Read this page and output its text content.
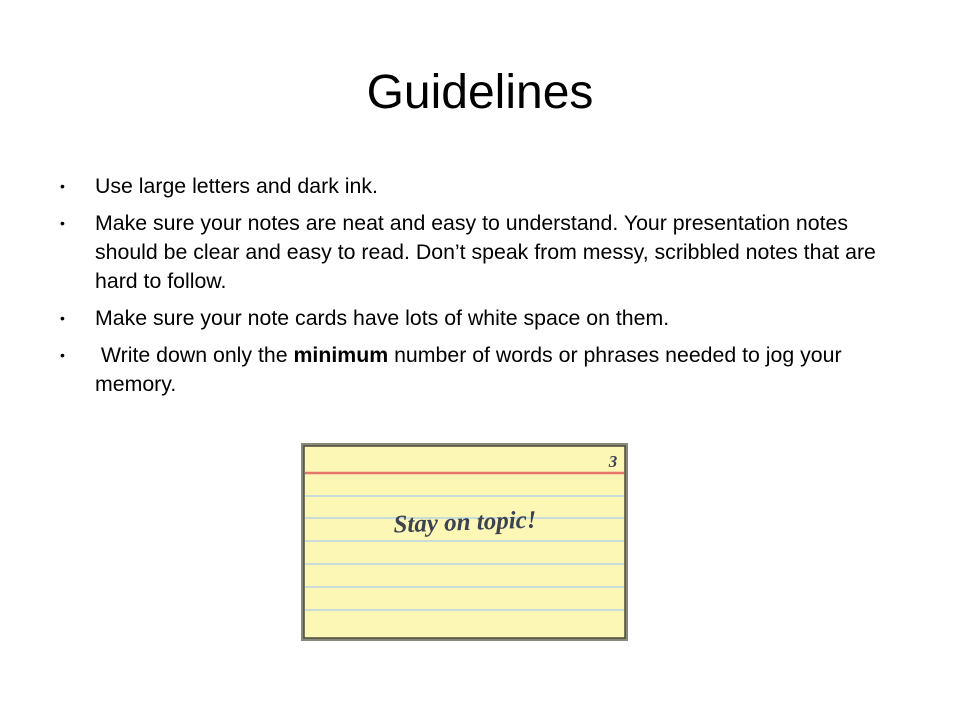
Guidelines
•	Use large letters and dark ink.
•	Make sure your notes are neat and easy to understand. Your presentation notes should be clear and easy to read. Don’t speak from messy, scribbled notes that are hard to follow.
•	Make sure your note cards have lots of white space on them.
•	Write down only the minimum number of words or phrases needed to jog your memory.
3
Stay on topic!
